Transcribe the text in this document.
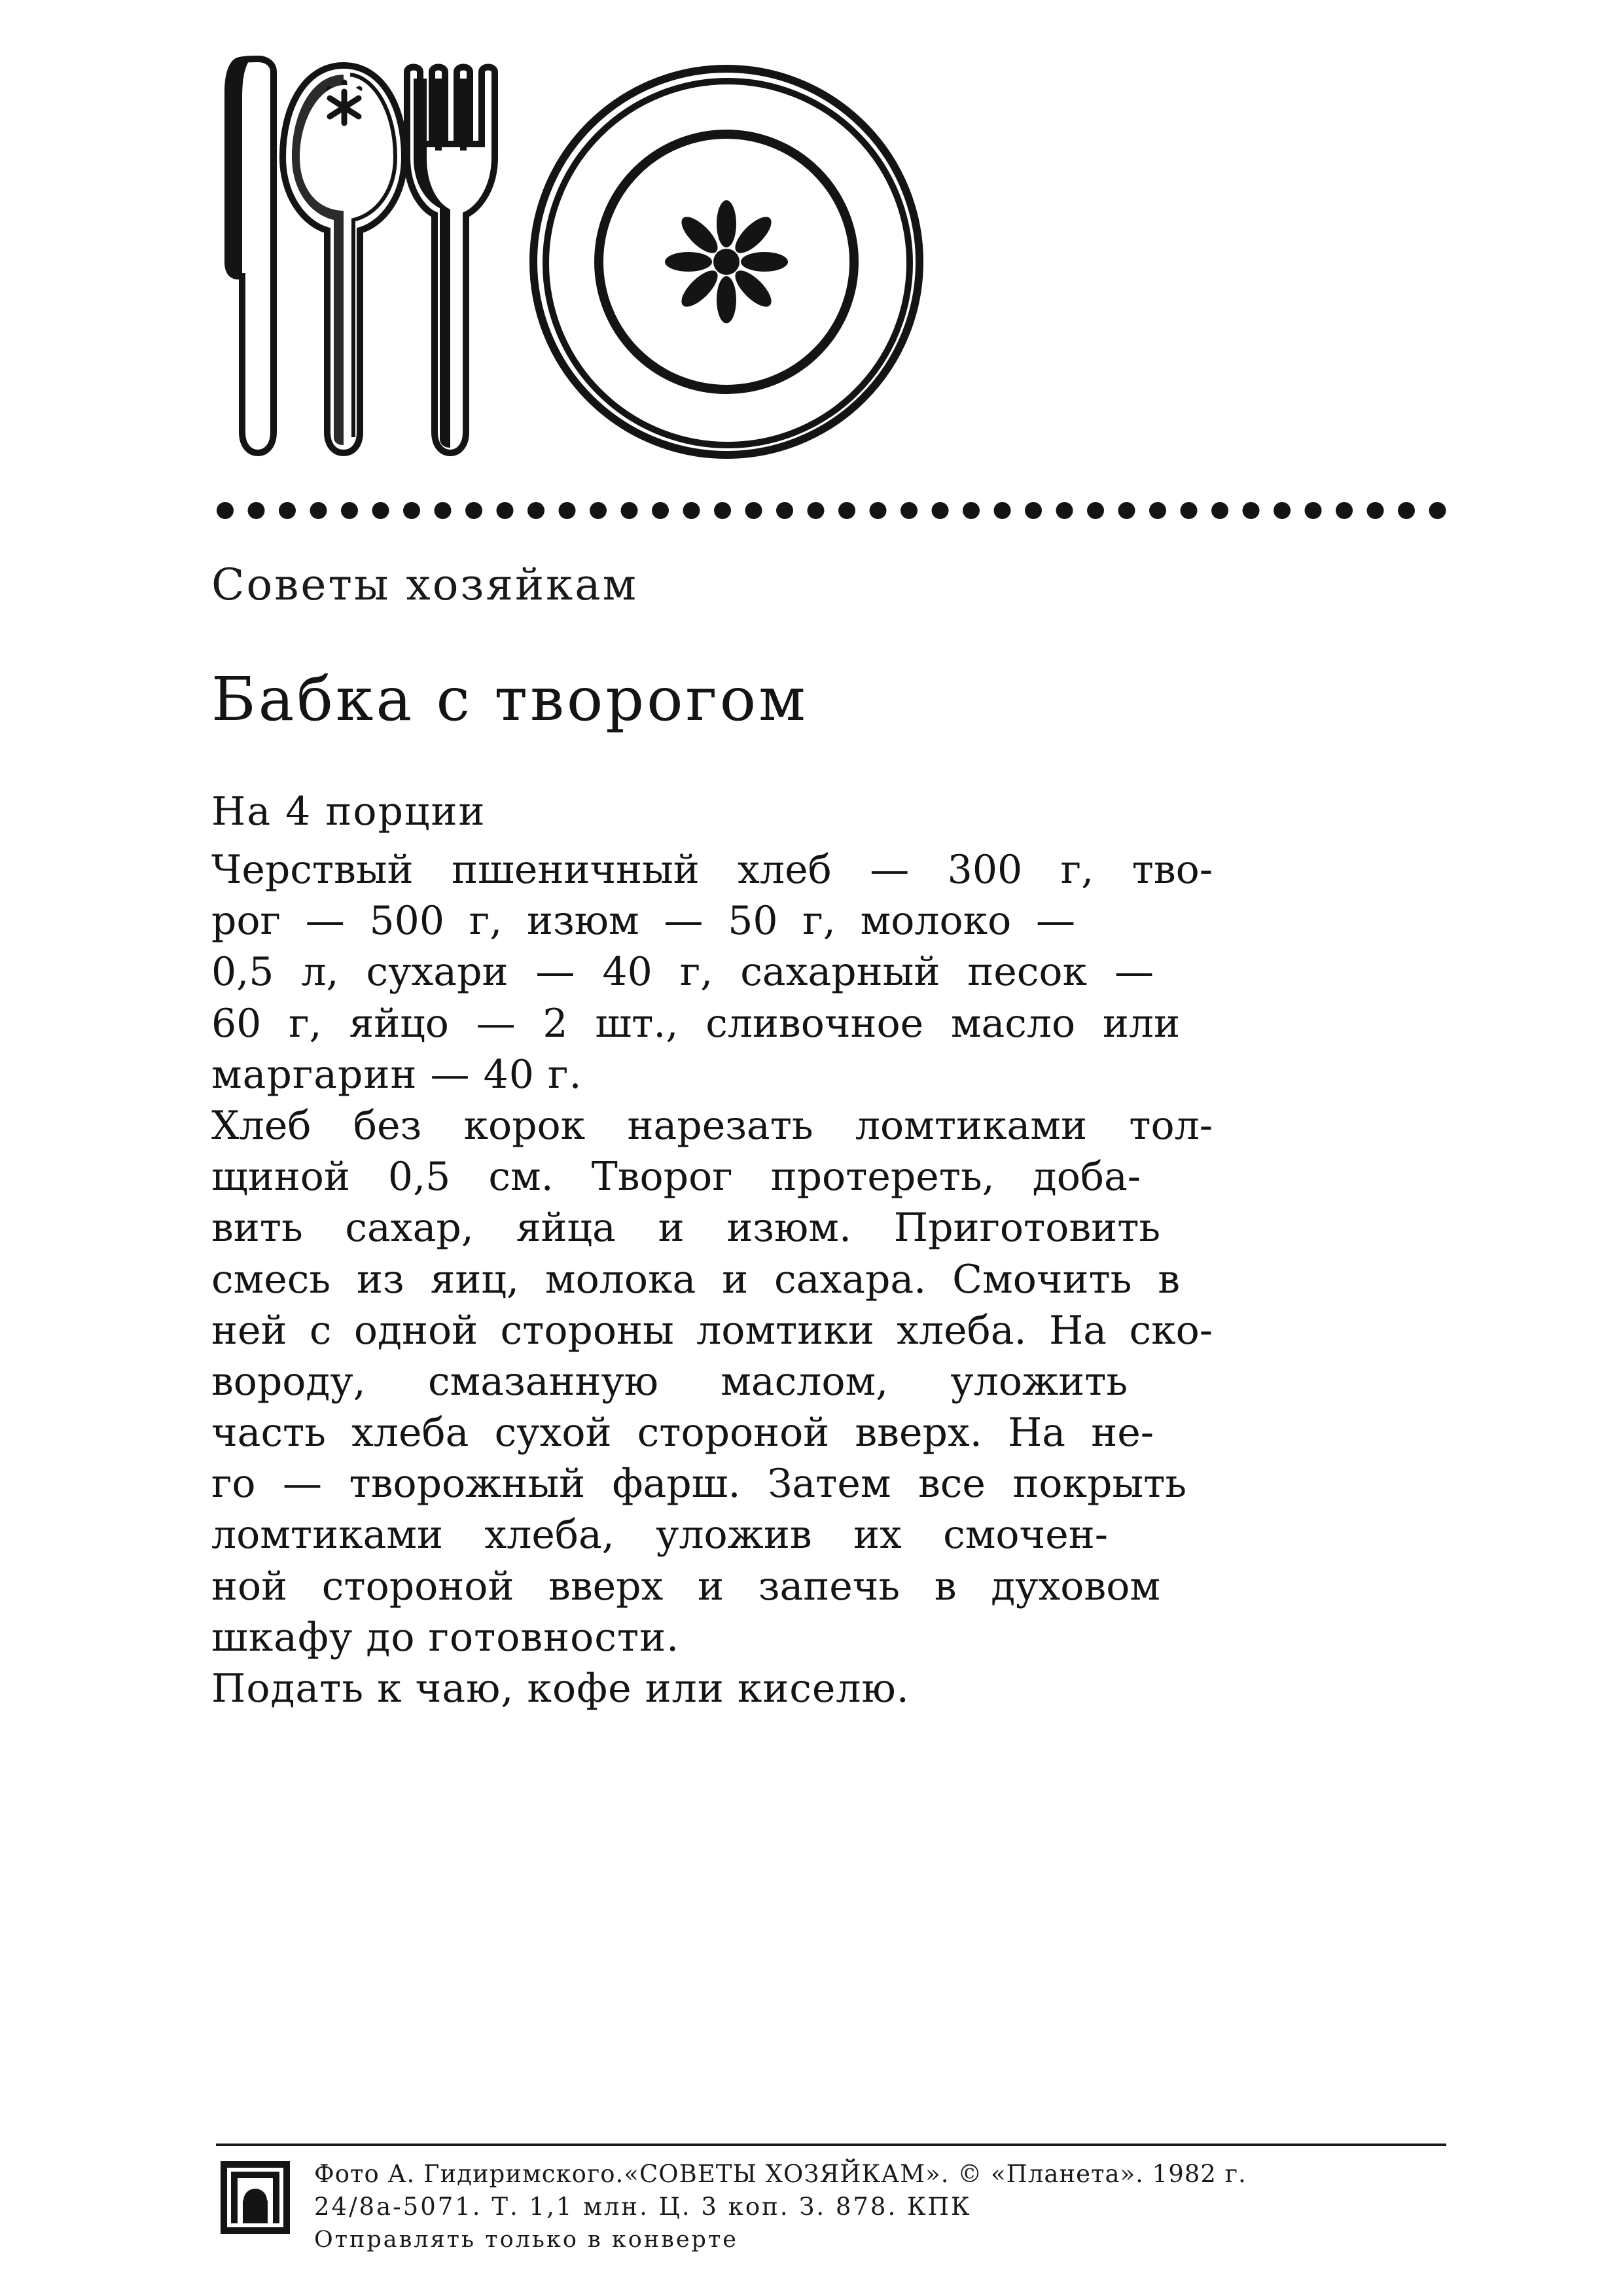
Советы хозяйкам
Бабка с творогом

На 4 порции

Черствый пшеничный хлеб — 300 г, тво-
рог — 500 г, изюм — 50 г, молоко —
0,5 л, сухари — 40 г, сахарный песок —
60 г, яйцо — 2 шт., сливочное масло или
маргарин — 40 г.
Хлеб без корок нарезать ломтиками тол-
щиной 0,5 см. Творог протереть, доба-
вить сахар, яйца и изюм. Приготовить
смесь из яиц, молока и сахара. Смочить в
ней с одной стороны ломтики хлеба. На ско-
вороду, смазанную маслом, уложить
часть хлеба сухой стороной вверх. На не-
го — творожный фарш. Затем все покрыть
ломтиками хлеба, уложив их смочен-
ной стороной вверх и запечь в духовом
шкафу до готовности.
Подать к чаю, кофе или киселю.
Фото А. Гидиримского.«СОВЕТЫ ХОЗЯЙКАМ». © «Планета». 1982 г.
24/8а-5071. Т. 1,1 млн. Ц. 3 коп. З. 878. КПК
Отправлять только в конверте
